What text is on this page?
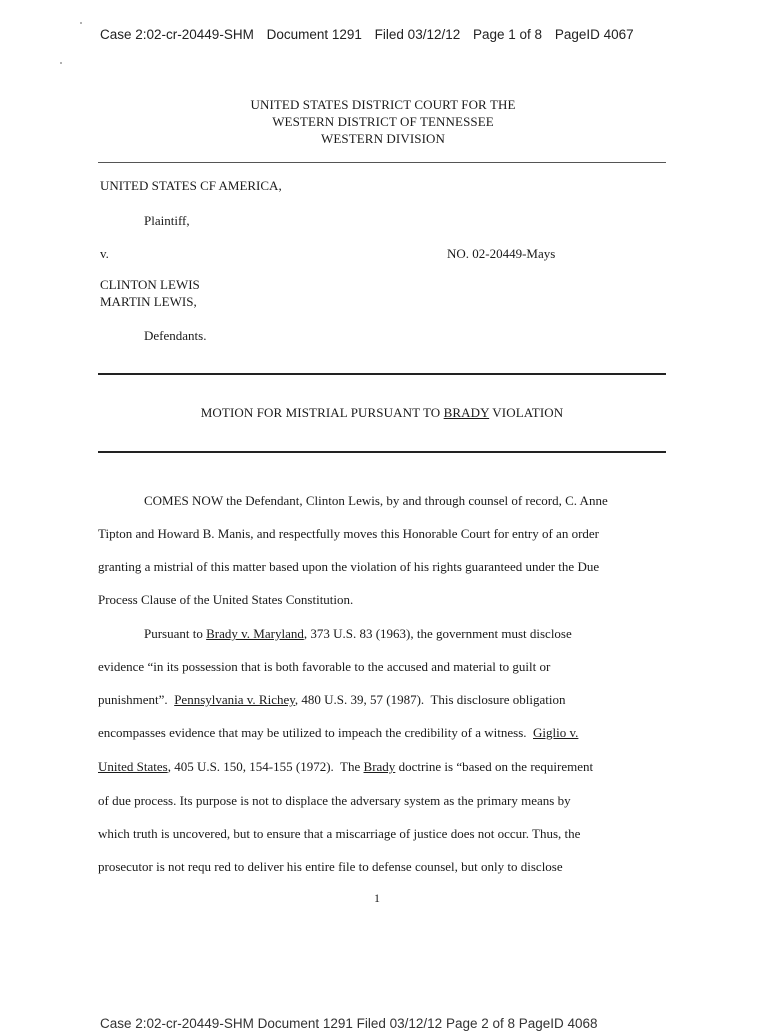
Case 2:02-cr-20449-SHM Document 1291 Filed 03/12/12 Page 1 of 8 PageID 4067
UNITED STATES DISTRICT COURT FOR THE
WESTERN DISTRICT OF TENNESSEE
WESTERN DIVISION
UNITED STATES CF AMERICA,
Plaintiff,
v.	NO. 02-20449-Mays
CLINTON LEWIS
MARTIN LEWIS,
Defendants.
MOTION FOR MISTRIAL PURSUANT TO BRADY VIOLATION
COMES NOW the Defendant, Clinton Lewis, by and through counsel of record, C. Anne
Tipton and Howard B. Manis, and respectfully moves this Honorable Court for entry of an order
granting a mistrial of this matter based upon the violation of his rights guaranteed under the Due
Process Clause of the United States Constitution.
Pursuant to Brady v. Maryland, 373 U.S. 83 (1963), the government must disclose
evidence “in its possession that is both favorable to the accused and material to guilt or
punishment”.  Pennsylvania v. Richey, 480 U.S. 39, 57 (1987).  This disclosure obligation
encompasses evidence that may be utilized to impeach the credibility of a witness.  Giglio v.
United States, 405 U.S. 150, 154-155 (1972).  The Brady doctrine is “based on the requirement
of due process. Its purpose is not to displace the adversary system as the primary means by
which truth is uncovered, but to ensure that a miscarriage of justice does not occur. Thus, the
prosecutor is not requ red to deliver his entire file to defense counsel, but only to disclose
1
Case 2:02-cr-20449-SHM Document 1291 Filed 03/12/12 Page 2 of 8 PageID 4068
